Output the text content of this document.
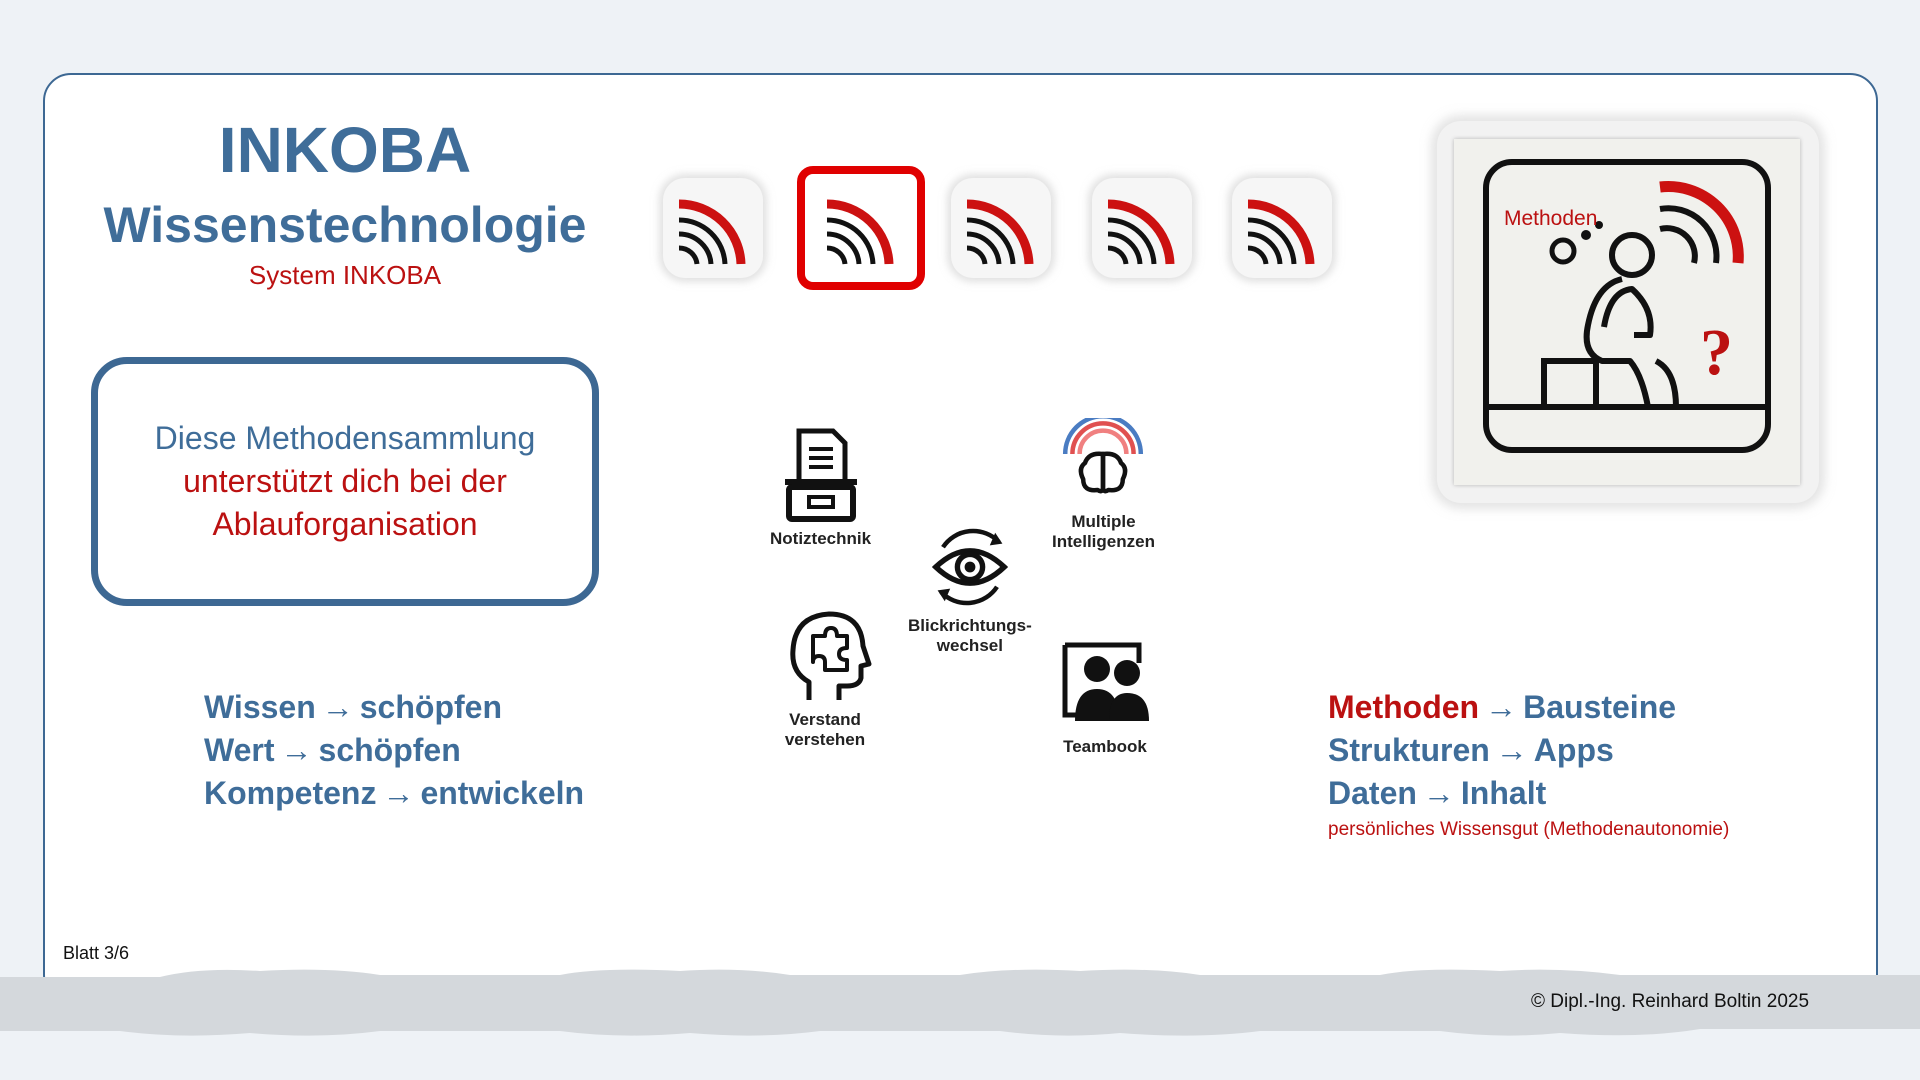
INKOBA
Wissenstechnologie
System INKOBA
Diese Methodensammlung
unterstützt dich bei der
Ablauforganisation
Wissen → schöpfen
Wert → schöpfen
Kompetenz → entwickeln
Methoden → Bausteine
Strukturen → Apps
Daten → Inhalt
persönliches Wissensgut (Methodenautonomie)
Methoden
?
Notiztechnik
Multiple
Intelligenzen
Blickrichtungs-
wechsel
Verstand
verstehen	Teambook
Blatt 3/6
© Dipl.-Ing. Reinhard Boltin 2025
